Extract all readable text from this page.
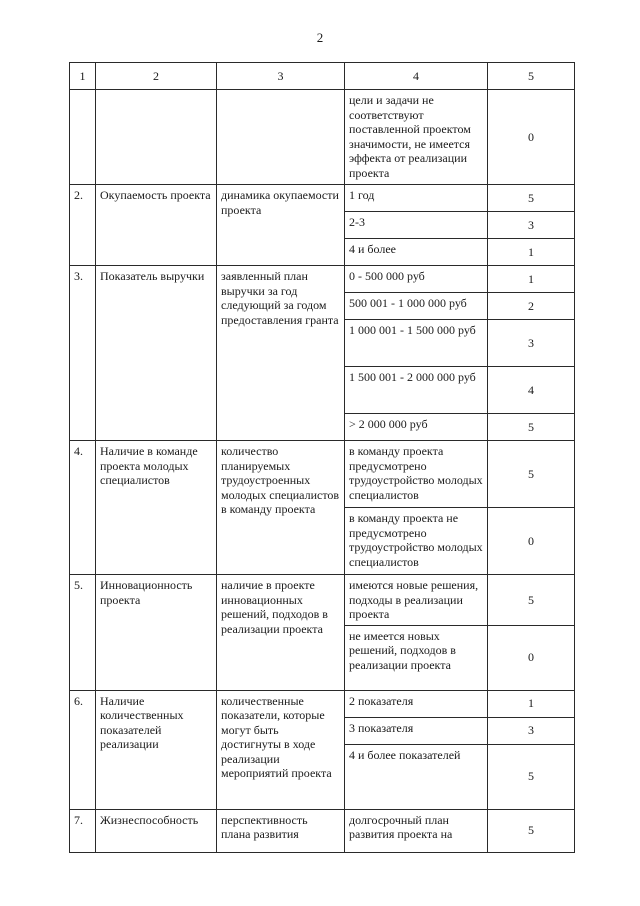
2
1	2	3	4	5
			цели и задачи не соответствуют поставленной проектом значимости, не имеется эффекта от реализации проекта	0
2.	Окупаемость проекта	динамика окупаемости проекта	1 год	5
			2-3	3
			4 и более	1
3.	Показатель выручки	заявленный план выручки за год следующий за годом предоставления гранта	0 - 500 000 руб	1
			500 001 - 1 000 000 руб	2
			1 000 001 - 1 500 000 руб	3
			1 500 001 - 2 000 000 руб	4
			> 2 000 000 руб	5
4.	Наличие в команде проекта молодых специалистов	количество планируемых трудоустроенных молодых специалистов в команду проекта	в команду проекта предусмотрено трудоустройство молодых специалистов	5
			в команду проекта не предусмотрено трудоустройство молодых специалистов	0
5.	Инновационность проекта	наличие в проекте инновационных решений, подходов в реализации проекта	имеются новые решения, подходы в реализации проекта	5
			не имеется новых решений, подходов в реализации проекта	0
6.	Наличие количественных показателей реализации	количественные показатели, которые могут быть достигнуты в ходе реализации мероприятий проекта	2 показателя	1
			3 показателя	3
			4 и более показателей	5
7.	Жизнеспособность	перспективность плана развития	долгосрочный план развития проекта на	5
